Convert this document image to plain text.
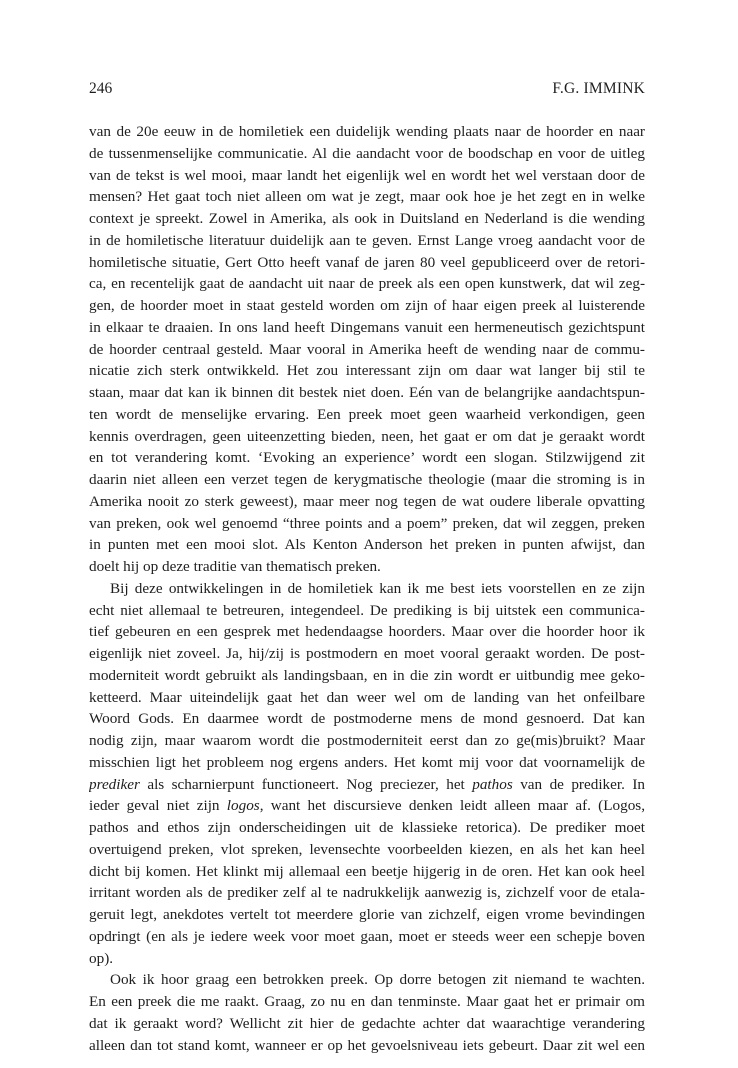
246	F.G. IMMINK
van de 20e eeuw in de homiletiek een duidelijk wending plaats naar de hoorder en naar
de tussenmenselijke communicatie. Al die aandacht voor de boodschap en voor de uitleg
van de tekst is wel mooi, maar landt het eigenlijk wel en wordt het wel verstaan door de
mensen? Het gaat toch niet alleen om wat je zegt, maar ook hoe je het zegt en in welke
context je spreekt. Zowel in Amerika, als ook in Duitsland en Nederland is die wending
in de homiletische literatuur duidelijk aan te geven. Ernst Lange vroeg aandacht voor de
homiletische situatie, Gert Otto heeft vanaf de jaren 80 veel gepubliceerd over de retori-
ca, en recentelijk gaat de aandacht uit naar de preek als een open kunstwerk, dat wil zeg-
gen, de hoorder moet in staat gesteld worden om zijn of haar eigen preek al luisterende
in elkaar te draaien. In ons land heeft Dingemans vanuit een hermeneutisch gezichtspunt
de hoorder centraal gesteld. Maar vooral in Amerika heeft de wending naar de commu-
nicatie zich sterk ontwikkeld. Het zou interessant zijn om daar wat langer bij stil te
staan, maar dat kan ik binnen dit bestek niet doen. Eén van de belangrijke aandachtspun-
ten wordt de menselijke ervaring. Een preek moet geen waarheid verkondigen, geen
kennis overdragen, geen uiteenzetting bieden, neen, het gaat er om dat je geraakt wordt
en tot verandering komt. ‘Evoking an experience’ wordt een slogan. Stilzwijgend zit
daarin niet alleen een verzet tegen de kerygmatische theologie (maar die stroming is in
Amerika nooit zo sterk geweest), maar meer nog tegen de wat oudere liberale opvatting
van preken, ook wel genoemd “three points and a poem” preken, dat wil zeggen, preken
in punten met een mooi slot. Als Kenton Anderson het preken in punten afwijst, dan
doelt hij op deze traditie van thematisch preken.
Bij deze ontwikkelingen in de homiletiek kan ik me best iets voorstellen en ze zijn
echt niet allemaal te betreuren, integendeel. De prediking is bij uitstek een communica-
tief gebeuren en een gesprek met hedendaagse hoorders. Maar over die hoorder hoor ik
eigenlijk niet zoveel. Ja, hij/zij is postmodern en moet vooral geraakt worden. De post-
moderniteit wordt gebruikt als landingsbaan, en in die zin wordt er uitbundig mee geko-
ketteerd. Maar uiteindelijk gaat het dan weer wel om de landing van het onfeilbare
Woord Gods. En daarmee wordt de postmoderne mens de mond gesnoerd. Dat kan
nodig zijn, maar waarom wordt die postmoderniteit eerst dan zo ge(mis)bruikt? Maar
misschien ligt het probleem nog ergens anders. Het komt mij voor dat voornamelijk de
prediker als scharnierpunt functioneert. Nog preciezer, het pathos van de prediker. In
ieder geval niet zijn logos, want het discursieve denken leidt alleen maar af. (Logos,
pathos and ethos zijn onderscheidingen uit de klassieke retorica). De prediker moet
overtuigend preken, vlot spreken, levensechte voorbeelden kiezen, en als het kan heel
dicht bij komen. Het klinkt mij allemaal een beetje hijgerig in de oren. Het kan ook heel
irritant worden als de prediker zelf al te nadrukkelijk aanwezig is, zichzelf voor de etala-
geruit legt, anekdotes vertelt tot meerdere glorie van zichzelf, eigen vrome bevindingen
opdringt (en als je iedere week voor moet gaan, moet er steeds weer een schepje boven
op).
Ook ik hoor graag een betrokken preek. Op dorre betogen zit niemand te wachten.
En een preek die me raakt. Graag, zo nu en dan tenminste. Maar gaat het er primair om
dat ik geraakt word? Wellicht zit hier de gedachte achter dat waarachtige verandering
alleen dan tot stand komt, wanneer er op het gevoelsniveau iets gebeurt. Daar zit wel een
